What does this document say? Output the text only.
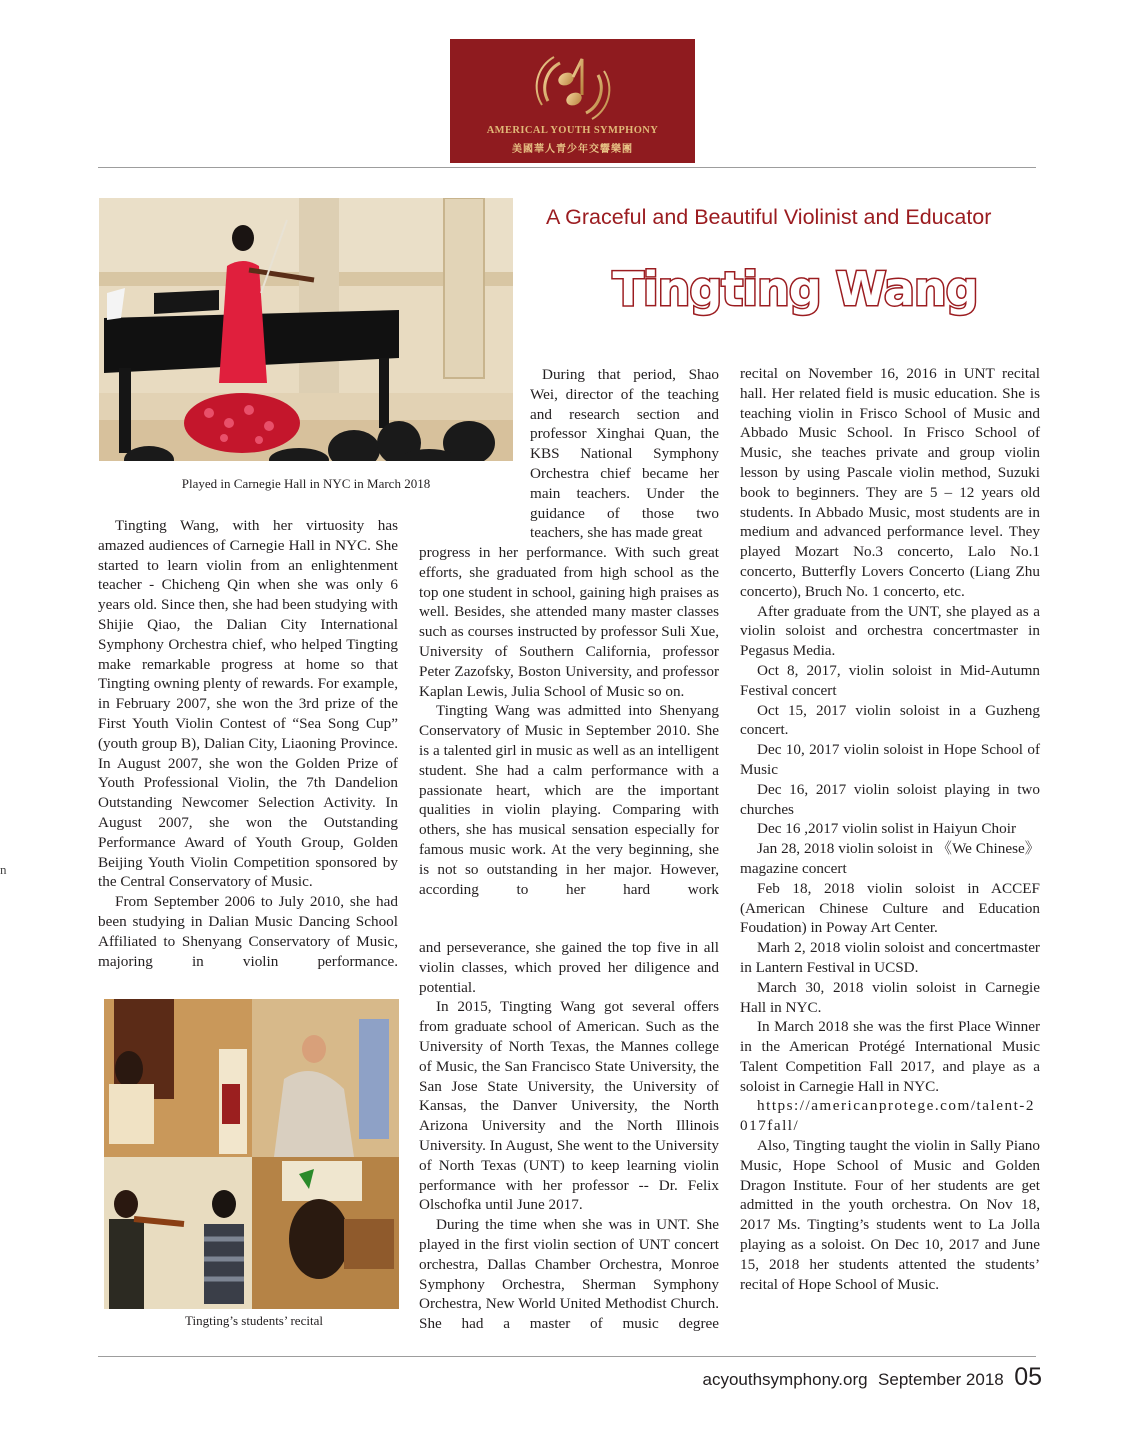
AMERICAL YOUTH SYMPHONY
美國華人青少年交響樂團
Played in Carnegie Hall in NYC in March 2018
A Graceful and Beautiful Violinist and Educator
Tingting Wang

Tingting Wang, with her virtuosity has amazed audiences of Carnegie Hall in NYC. She started to learn violin from an enlightenment teacher - Chicheng Qin when she was only 6 years old. Since then, she had been studying with Shijie Qiao, the Dalian City International Symphony Orchestra chief, who helped Tingting make remarkable progress at home so that Tingting owning plenty of rewards. For example, in February 2007, she won the 3rd prize of the First Youth Violin Contest of “Sea Song Cup” (youth group B), Dalian City, Liaoning Province. In August 2007, she won the Golden Prize of Youth Professional Violin, the 7th Dandelion Outstanding Newcomer Selection Activity. In August 2007, she won the Outstanding Performance Award of Youth Group, Golden Beijing Youth Violin Competition sponsored by the Central Conservatory of Music.

From September 2006 to July 2010, she had been studying in Dalian Music Dancing School Affiliated to Shenyang Conservatory of Music, majoring in violin performance.

Tingting’s students’ recital

During that period, Shao Wei, director of the teaching and research section and professor Xinghai Quan, the KBS National Symphony Orchestra chief became her main teachers. Under the guidance of those two teachers, she has made great

progress in her performance. With such great efforts, she graduated from high school as the top one student in school, gaining high praises as well. Besides, she attended many master classes such as courses instructed by professor Suli Xue, University of Southern California, professor Peter Zazofsky, Boston University, and professor Kaplan Lewis, Julia School of Music so on.

Tingting Wang was admitted into Shenyang Conservatory of Music in September 2010. She is a talented girl in music as well as an intelligent student. She had a calm performance with a passionate heart, which are the important qualities in violin playing. Comparing with others, she has musical sensation especially for famous music work. At the very beginning, she is not so outstanding in her major. However, according to her hard work

and perseverance, she gained the top five in all violin classes, which proved her diligence and potential.

In 2015, Tingting Wang got several offers from graduate school of American. Such as the University of North Texas, the Mannes college of Music, the San Francisco State University, the San Jose State University, the University of Kansas, the Danver University, the North Arizona University and the North Illinois University. In August, She went to the University of North Texas (UNT) to keep learning violin performance with her professor -- Dr. Felix Olschofka until June 2017.

During the time when she was in UNT. She played in the first violin section of UNT concert orchestra, Dallas Chamber Orchestra, Monroe Symphony Orchestra, Sherman Symphony Orchestra, New World United Methodist Church. She had a master of music degree

recital on November 16, 2016 in UNT recital hall. Her related field is music education. She is teaching violin in Frisco School of Music and Abbado Music School. In Frisco School of Music, she teaches private and group violin lesson by using Pascale violin method, Suzuki book to beginners. They are 5 – 12 years old students. In Abbado Music, most students are in medium and advanced performance level. They played Mozart No.3 concerto, Lalo No.1 concerto, Butterfly Lovers Concerto (Liang Zhu concerto), Bruch No. 1 concerto, etc.

After graduate from the UNT, she played as a violin soloist and orchestra concertmaster in Pegasus Media.

Oct 8, 2017, violin soloist in Mid-Autumn Festival concert

Oct 15, 2017 violin soloist in a Guzheng concert.

Dec 10, 2017 violin soloist in Hope School of Music

Dec 16, 2017 violin soloist playing in two churches

Dec 16 ,2017 violin solist in Haiyun Choir

Jan 28, 2018 violin soloist in 《We Chinese》magazine concert

Feb 18, 2018 violin soloist in ACCEF (American Chinese Culture and Education Foudation) in Poway Art Center.

Marh 2, 2018 violin soloist and concertmaster in Lantern Festival in UCSD.

March 30, 2018 violin soloist in Carnegie Hall in NYC.

In March 2018 she was the first Place Winner in the American Protégé International Music Talent Competition Fall 2017, and playe as a soloist in Carnegie Hall in NYC.

https://americanprotege.com/talent-2017fall/

Also, Tingting taught the violin in Sally Piano Music, Hope School of Music and Golden Dragon Institute. Four of her students are get admitted in the youth orchestra. On Nov 18, 2017 Ms. Tingting’s students went to La Jolla playing as a soloist. On Dec 10, 2017 and June 15, 2018 her students attented the students’ recital of Hope School of Music.

n
acyouthsymphony.org September 2018 05
